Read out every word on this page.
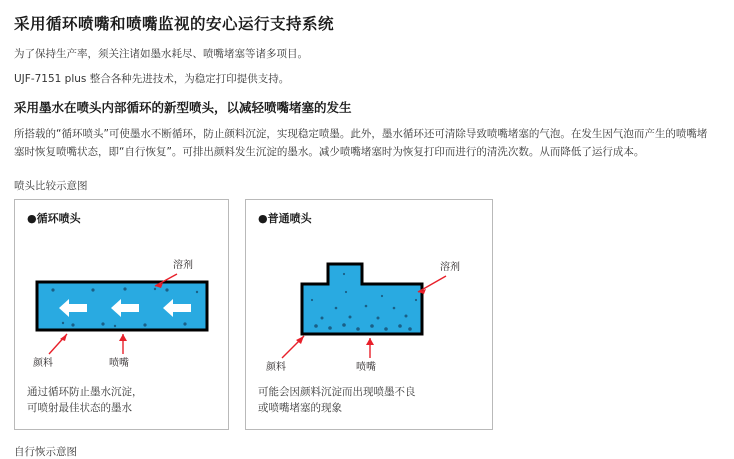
采用循环喷嘴和喷嘴监视的安心运行支持系统

为了保持生产率，须关注诸如墨水耗尽、喷嘴堵塞等诸多项目。

UJF-7151 plus 整合各种先进技术，为稳定打印提供支持。

采用墨水在喷头内部循环的新型喷头，以减轻喷嘴堵塞的发生

所搭载的“循环喷头”可使墨水不断循环，防止颜料沉淀，实现稳定喷墨。此外，墨水循环还可清除导致喷嘴堵塞的气泡。在发生因气泡而产生的喷嘴堵塞时恢复喷嘴状态，即“自行恢复”。可排出颜料发生沉淀的墨水。减少喷嘴堵塞时为恢复打印而进行的清洗次数。从而降低了运行成本。

喷头比较示意图
●循环喷头
溶剂
颜料	喷嘴
通过循环防止墨水沉淀，
可喷射最佳状态的墨水
●普通喷头
溶剂
颜料	喷嘴
可能会因颜料沉淀而出现喷墨不良
或喷嘴堵塞的现象
自行恢示意图
